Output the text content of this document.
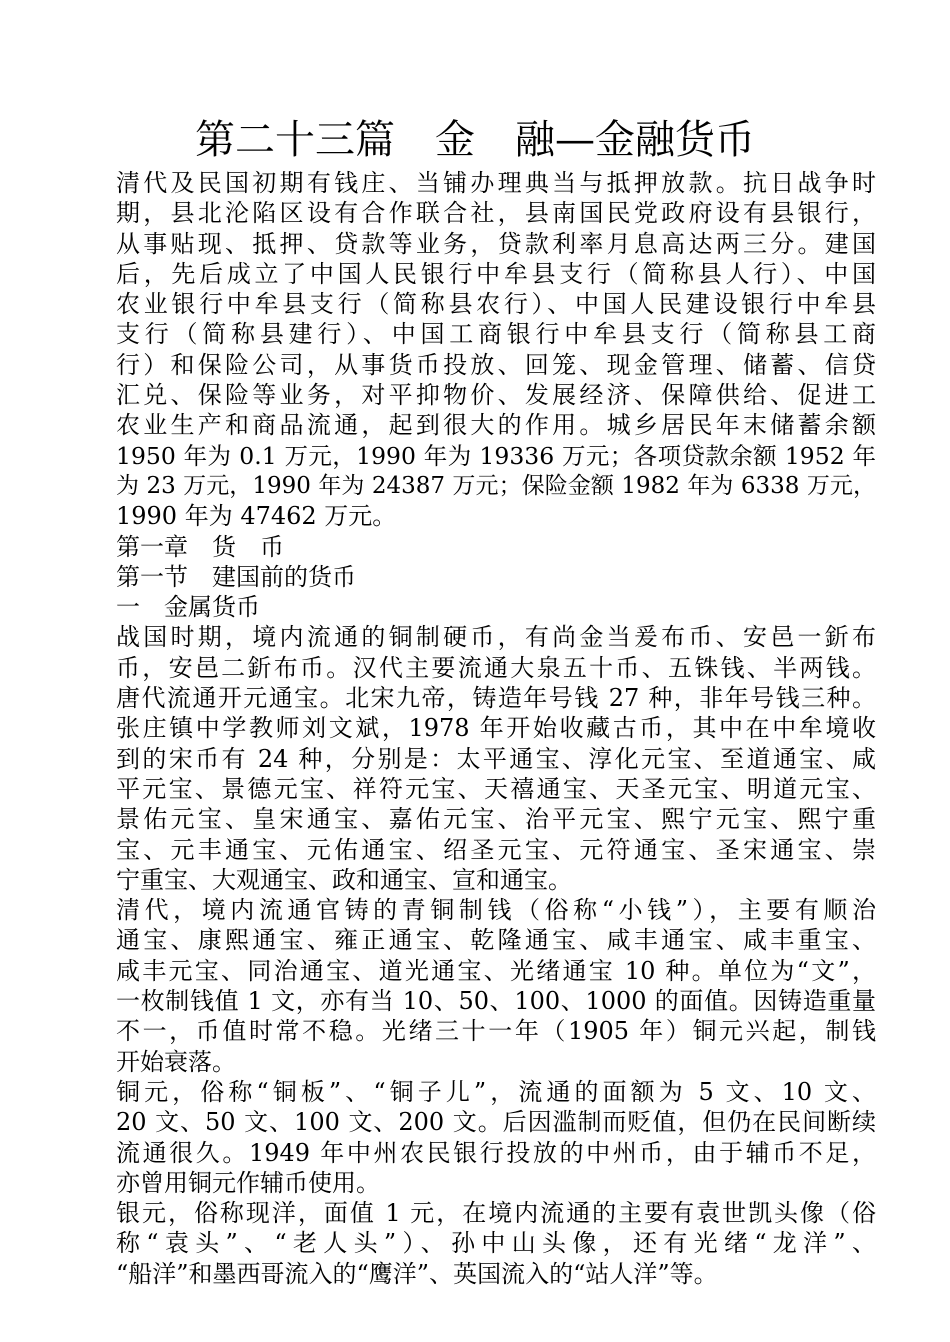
第二十三篇　金　融—金融货币
清代及民国初期有钱庄、当铺办理典当与抵押放款。抗日战争时
期，县北沦陷区设有合作联合社，县南国民党政府设有县银行，
从事贴现、抵押、贷款等业务，贷款利率月息高达两三分。建国
后，先后成立了中国人民银行中牟县支行（简称县人行）、中国
农业银行中牟县支行（简称县农行）、中国人民建设银行中牟县
支行（简称县建行）、中国工商银行中牟县支行（简称县工商
行）和保险公司，从事货币投放、回笼、现金管理、储蓄、信贷
汇兑、保险等业务，对平抑物价、发展经济、保障供给、促进工
农业生产和商品流通，起到很大的作用。城乡居民年末储蓄余额
1950 年为 0.1 万元，1990 年为 19336 万元；各项贷款余额 1952 年
为 23 万元，1990 年为 24387 万元；保险金额 1982 年为 6338 万元，
1990 年为 47462 万元。
第一章　货　币
第一节　建国前的货币
一　金属货币
战国时期，境内流通的铜制硬币，有尚金当爰布币、安邑一釿布
币，安邑二釿布币。汉代主要流通大泉五十币、五铢钱、半两钱。
唐代流通开元通宝。北宋九帝，铸造年号钱 27 种，非年号钱三种。
张庄镇中学教师刘文斌，1978 年开始收藏古币，其中在中牟境收
到的宋币有 24 种，分别是：太平通宝、淳化元宝、至道通宝、咸
平元宝、景德元宝、祥符元宝、天禧通宝、天圣元宝、明道元宝、
景佑元宝、皇宋通宝、嘉佑元宝、治平元宝、熙宁元宝、熙宁重
宝、元丰通宝、元佑通宝、绍圣元宝、元符通宝、圣宋通宝、崇
宁重宝、大观通宝、政和通宝、宣和通宝。
清代，境内流通官铸的青铜制钱（俗称“小钱”），主要有顺治
通宝、康熙通宝、雍正通宝、乾隆通宝、咸丰通宝、咸丰重宝、
咸丰元宝、同治通宝、道光通宝、光绪通宝 10 种。单位为“文”，
一枚制钱值 1 文，亦有当 10、50、100、1000 的面值。因铸造重量
不一，币值时常不稳。光绪三十一年（1905 年）铜元兴起，制钱
开始衰落。
铜元，俗称“铜板”、“铜子儿”，流通的面额为 5 文、10 文、
20 文、50 文、100 文、200 文。后因滥制而贬值，但仍在民间断续
流通很久。1949 年中州农民银行投放的中州币，由于辅币不足，
亦曾用铜元作辅币使用。
银元，俗称现洋，面值 1 元，在境内流通的主要有袁世凯头像（俗
称“袁头”、“老人头”）、孙中山头像，还有光绪“龙洋”、
“船洋”和墨西哥流入的“鹰洋”、英国流入的“站人洋”等。
